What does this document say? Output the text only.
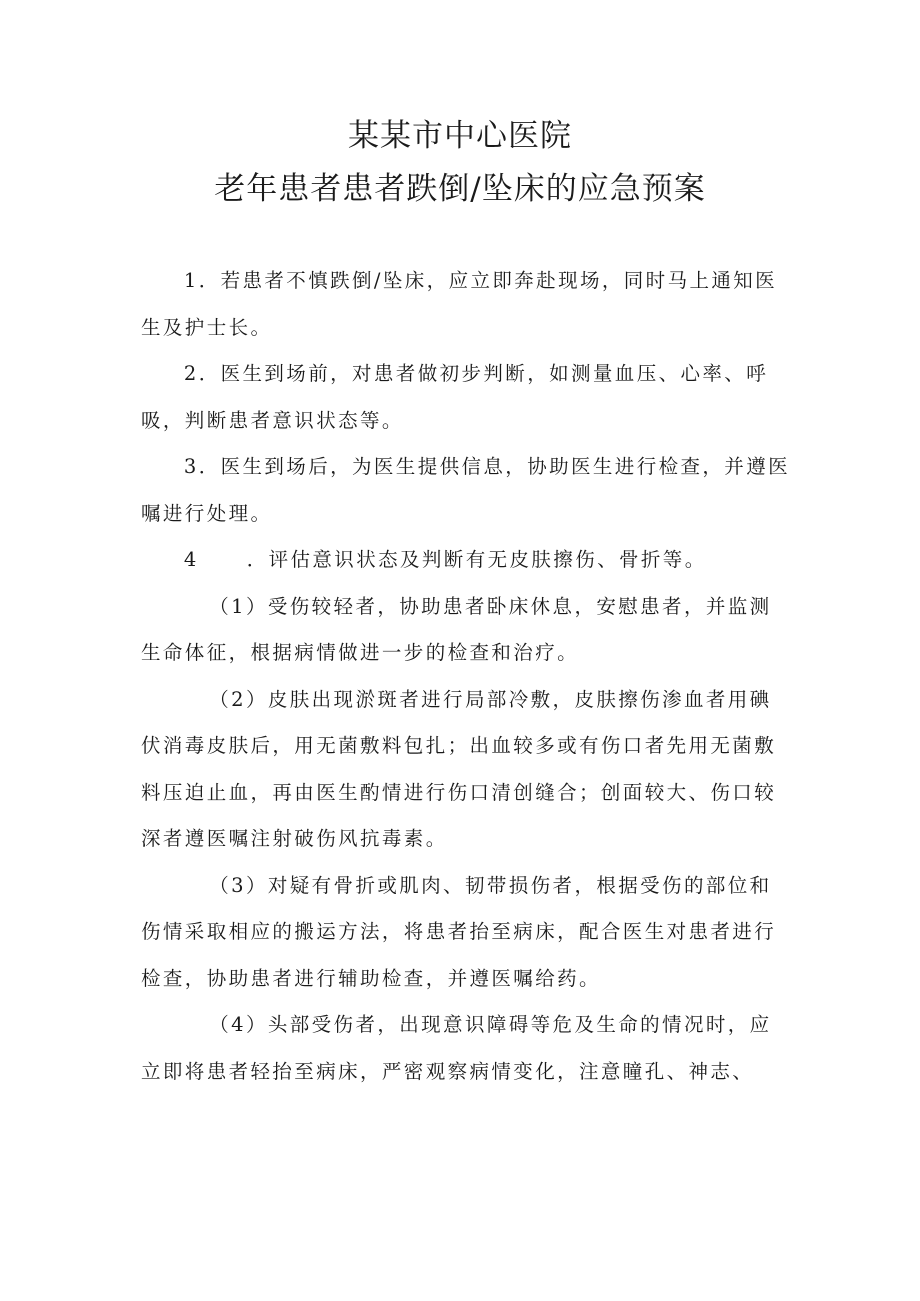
某某市中心医院
老年患者患者跌倒/坠床的应急预案

1．若患者不慎跌倒/坠床，应立即奔赴现场，同时马上通知医生及护士长。

2．医生到场前，对患者做初步判断，如测量血压、心率、呼吸，判断患者意识状态等。

3．医生到场后，为医生提供信息，协助医生进行检查，并遵医嘱进行处理。

4 ．评估意识状态及判断有无皮肤擦伤、骨折等。

（1）受伤较轻者，协助患者卧床休息，安慰患者，并监测生命体征，根据病情做进一步的检查和治疗。

（2）皮肤出现淤斑者进行局部冷敷，皮肤擦伤渗血者用碘伏消毒皮肤后，用无菌敷料包扎；出血较多或有伤口者先用无菌敷料压迫止血，再由医生酌情进行伤口清创缝合；创面较大、伤口较深者遵医嘱注射破伤风抗毒素。

（3）对疑有骨折或肌肉、韧带损伤者，根据受伤的部位和伤情采取相应的搬运方法，将患者抬至病床，配合医生对患者进行检查，协助患者进行辅助检查，并遵医嘱给药。

（4）头部受伤者，出现意识障碍等危及生命的情况时，应立即将患者轻抬至病床，严密观察病情变化，注意瞳孔、神志、
